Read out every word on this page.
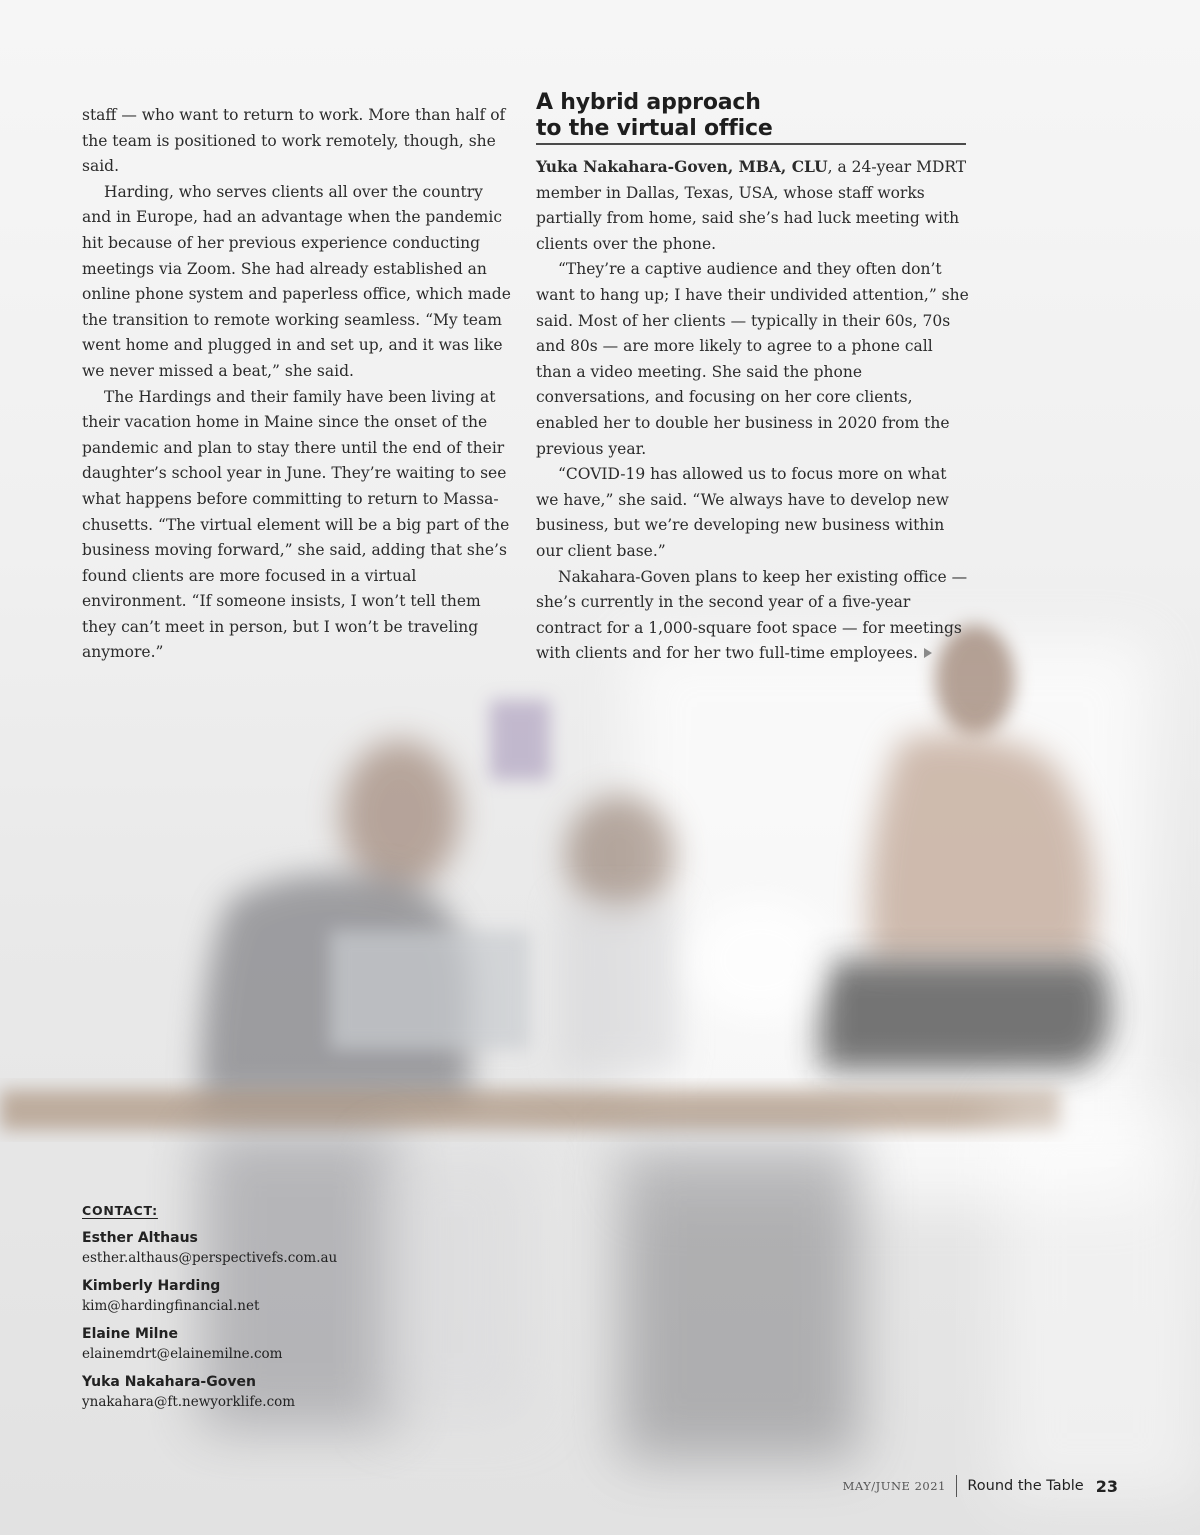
staff — who want to return to work. More than half of the team is positioned to work remotely, though, she said.

Harding, who serves clients all over the country and in Europe, had an advantage when the pandemic hit because of her previous experience conducting meetings via Zoom. She had already established an online phone system and paperless office, which made the transition to remote working seamless. “My team went home and plugged in and set up, and it was like we never missed a beat,” she said.

The Hardings and their family have been living at their vacation home in Maine since the onset of the pandemic and plan to stay there until the end of their daughter’s school year in June. They’re waiting to see what happens before committing to return to Massa-chusetts. “The virtual element will be a big part of the business moving forward,” she said, adding that she’s found clients are more focused in a virtual environment. “If someone insists, I won’t tell them they can’t meet in person, but I won’t be traveling anymore.”

A hybrid approach
to the virtual office

Yuka Nakahara-Goven, MBA, CLU, a 24-year MDRT member in Dallas, Texas, USA, whose staff works partially from home, said she’s had luck meeting with clients over the phone.

“They’re a captive audience and they often don’t want to hang up; I have their undivided attention,” she said. Most of her clients — typically in their 60s, 70s and 80s — are more likely to agree to a phone call than a video meeting. She said the phone conversations, and focusing on her core clients, enabled her to double her business in 2020 from the previous year.

“COVID-19 has allowed us to focus more on what we have,” she said. “We always have to develop new business, but we’re developing new business within our client base.”

Nakahara-Goven plans to keep her existing office — she’s currently in the second year of a five-year contract for a 1,000-square foot space — for meetings with clients and for her two full-time employees.

CONTACT:
Esther Althaus
esther.althaus@perspectivefs.com.au
Kimberly Harding
kim@hardingfinancial.net
Elaine Milne
elainemdrt@elainemilne.com
Yuka Nakahara-Goven
ynakahara@ft.newyorklife.com
MAY/JUNE 2021 Round the Table 23
